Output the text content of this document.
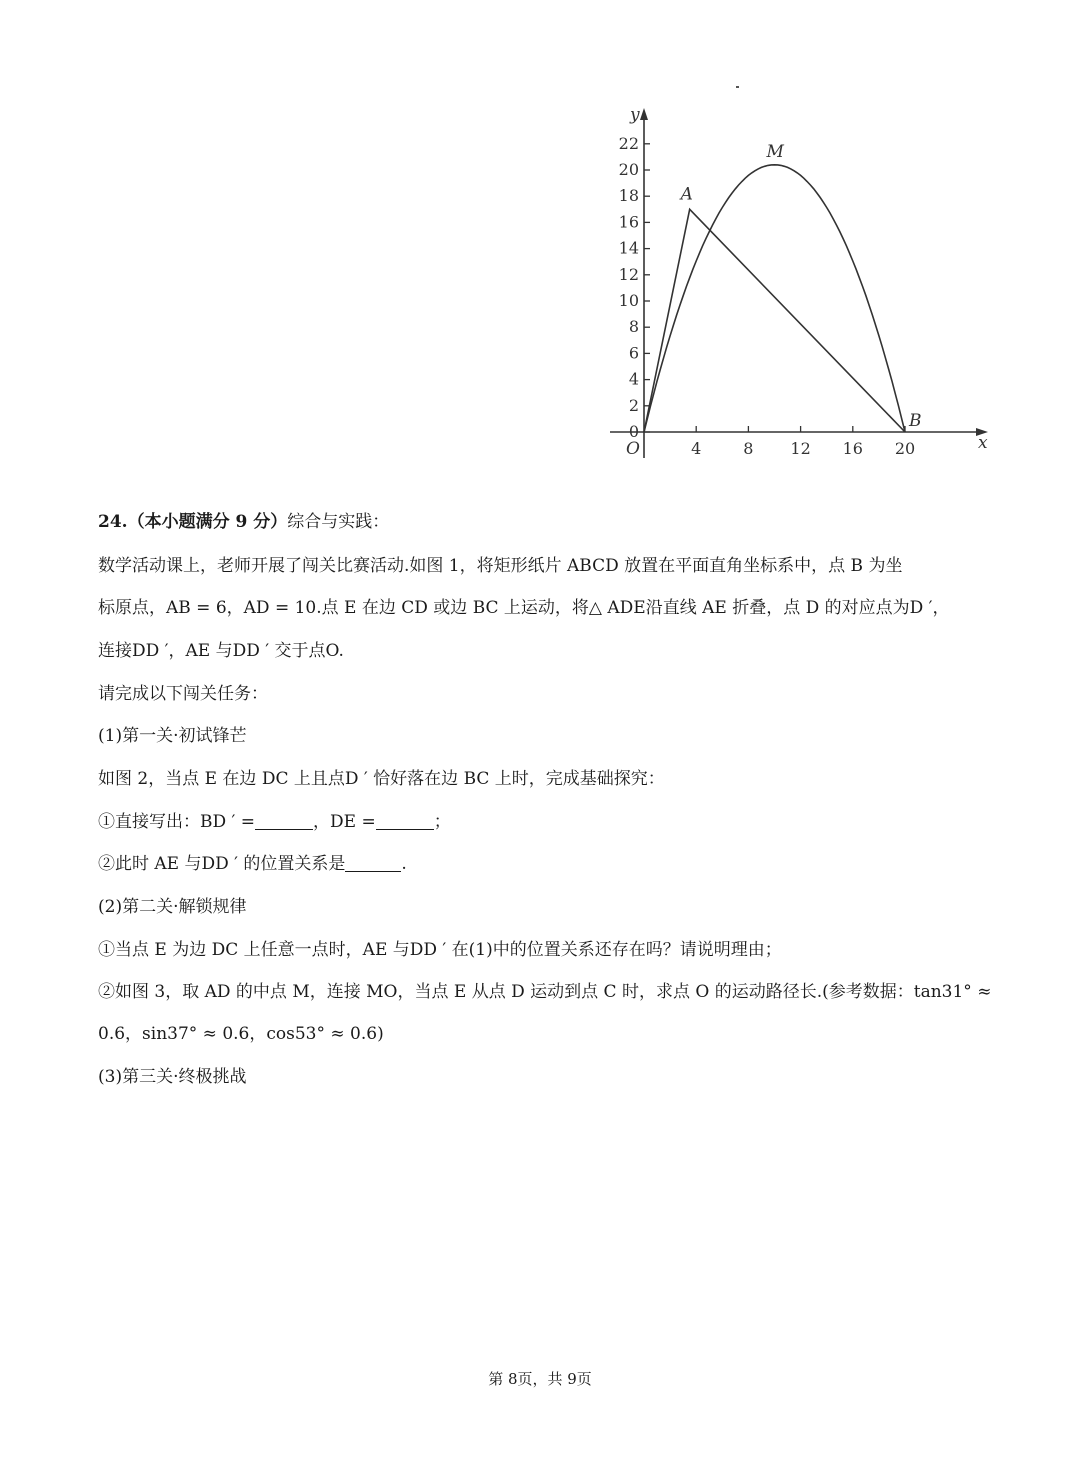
22
20
18
16
14
12
10
8
6
4
2
0
4	8 12 16 20
y
x
O
A
M
B
24.（本小题满分 9 分）综合与实践：
数学活动课上，老师开展了闯关比赛活动.如图 1，将矩形纸片 ABCD 放置在平面直角坐标系中，点 B 为坐
标原点，AB = 6，AD = 10.点 E 在边 CD 或边 BC 上运动，将△ ADE沿直线 AE 折叠，点 D 的对应点为D ′，
连接DD ′，AE 与DD ′ 交于点O.
请完成以下闯关任务：
(1)第一关·初试锋芒
如图 2，当点 E 在边 DC 上且点D ′ 恰好落在边 BC 上时，完成基础探究：
①直接写出：BD ′ =	，DE =	；
②此时 AE 与DD ′ 的位置关系是	.
(2)第二关·解锁规律
①当点 E 为边 DC 上任意一点时，AE 与DD ′ 在(1)中的位置关系还存在吗？请说明理由；
②如图 3，取 AD 的中点 M，连接 MO，当点 E 从点 D 运动到点 C 时，求点 O 的运动路径长.(参考数据：tan31° ≈
0.6，sin37° ≈ 0.6，cos53° ≈ 0.6)
(3)第三关·终极挑战
第 8页，共 9页
